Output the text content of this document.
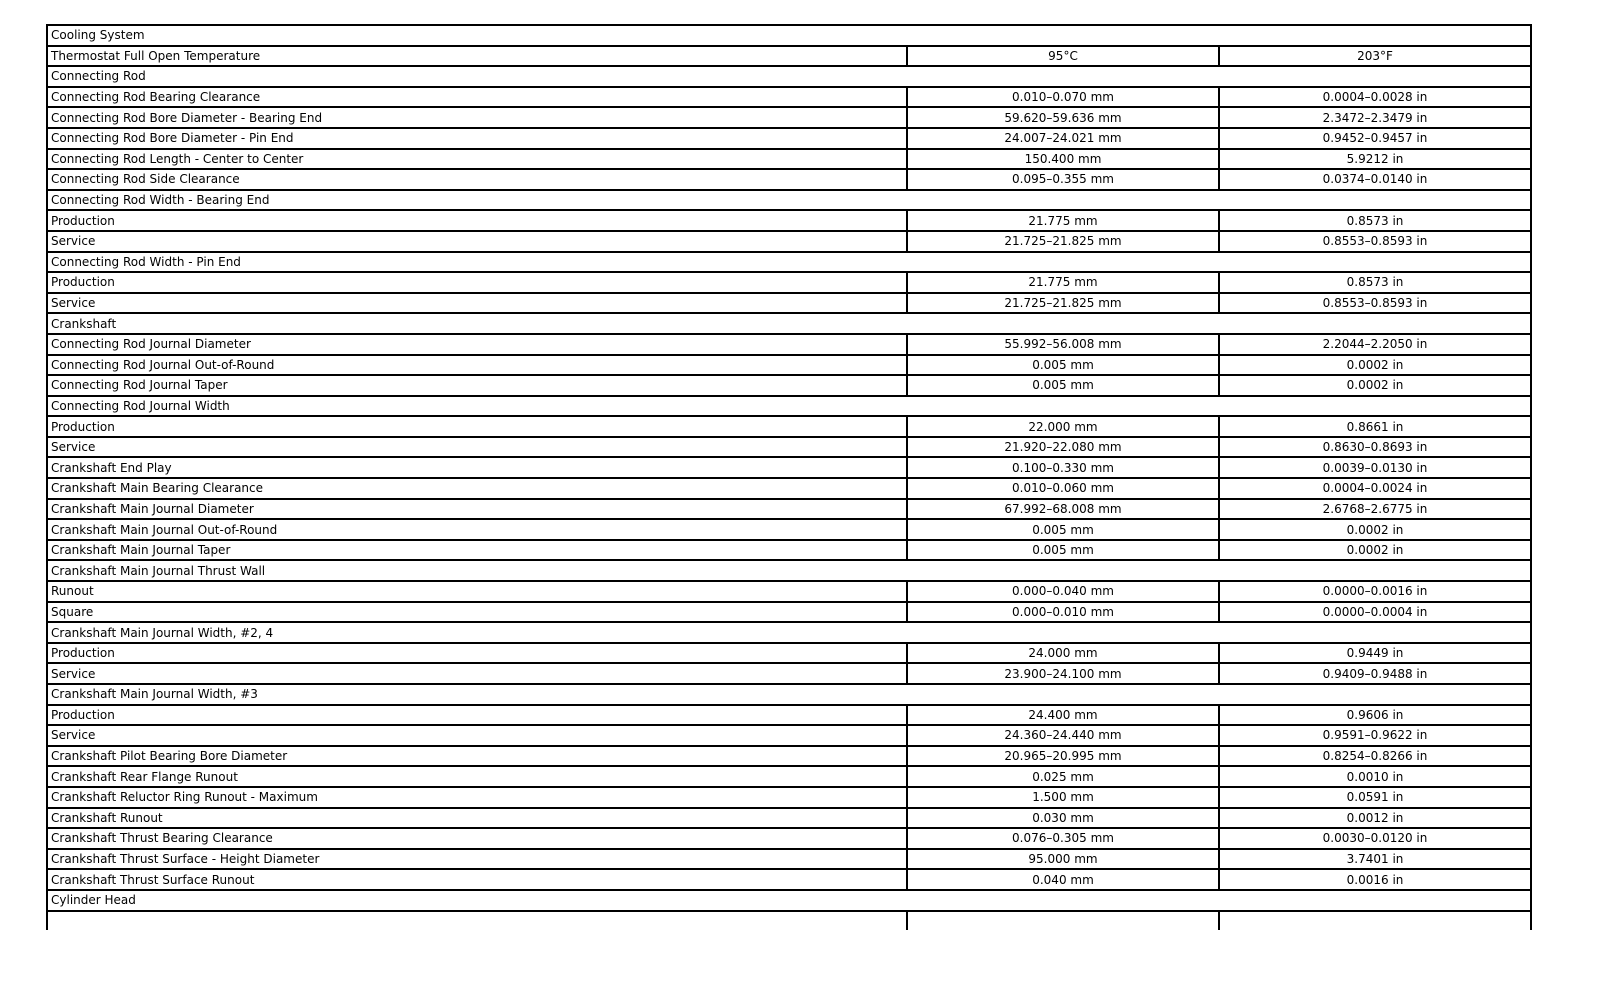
Cooling System		
Thermostat Full Open Temperature	95°C	203°F
Connecting Rod		
Connecting Rod Bearing Clearance	0.010–0.070 mm	0.0004–0.0028 in
Connecting Rod Bore Diameter - Bearing End	59.620–59.636 mm	2.3472–2.3479 in
Connecting Rod Bore Diameter - Pin End	24.007–24.021 mm	0.9452–0.9457 in
Connecting Rod Length - Center to Center	150.400 mm	5.9212 in
Connecting Rod Side Clearance	0.095–0.355 mm	0.0374–0.0140 in
Connecting Rod Width - Bearing End		
Production	21.775 mm	0.8573 in
Service	21.725–21.825 mm	0.8553–0.8593 in
Connecting Rod Width - Pin End		
Production	21.775 mm	0.8573 in
Service	21.725–21.825 mm	0.8553–0.8593 in
Crankshaft		
Connecting Rod Journal Diameter	55.992–56.008 mm	2.2044–2.2050 in
Connecting Rod Journal Out-of-Round	0.005 mm	0.0002 in
Connecting Rod Journal Taper	0.005 mm	0.0002 in
Connecting Rod Journal Width		
Production	22.000 mm	0.8661 in
Service	21.920–22.080 mm	0.8630–0.8693 in
Crankshaft End Play	0.100–0.330 mm	0.0039–0.0130 in
Crankshaft Main Bearing Clearance	0.010–0.060 mm	0.0004–0.0024 in
Crankshaft Main Journal Diameter	67.992–68.008 mm	2.6768–2.6775 in
Crankshaft Main Journal Out-of-Round	0.005 mm	0.0002 in
Crankshaft Main Journal Taper	0.005 mm	0.0002 in
Crankshaft Main Journal Thrust Wall		
Runout	0.000–0.040 mm	0.0000–0.0016 in
Square	0.000–0.010 mm	0.0000–0.0004 in
Crankshaft Main Journal Width, #2, 4		
Production	24.000 mm	0.9449 in
Service	23.900–24.100 mm	0.9409–0.9488 in
Crankshaft Main Journal Width, #3		
Production	24.400 mm	0.9606 in
Service	24.360–24.440 mm	0.9591–0.9622 in
Crankshaft Pilot Bearing Bore Diameter	20.965–20.995 mm	0.8254–0.8266 in
Crankshaft Rear Flange Runout	0.025 mm	0.0010 in
Crankshaft Reluctor Ring Runout - Maximum	1.500 mm	0.0591 in
Crankshaft Runout	0.030 mm	0.0012 in
Crankshaft Thrust Bearing Clearance	0.076–0.305 mm	0.0030–0.0120 in
Crankshaft Thrust Surface - Height Diameter	95.000 mm	3.7401 in
Crankshaft Thrust Surface Runout	0.040 mm	0.0016 in
Cylinder Head		
